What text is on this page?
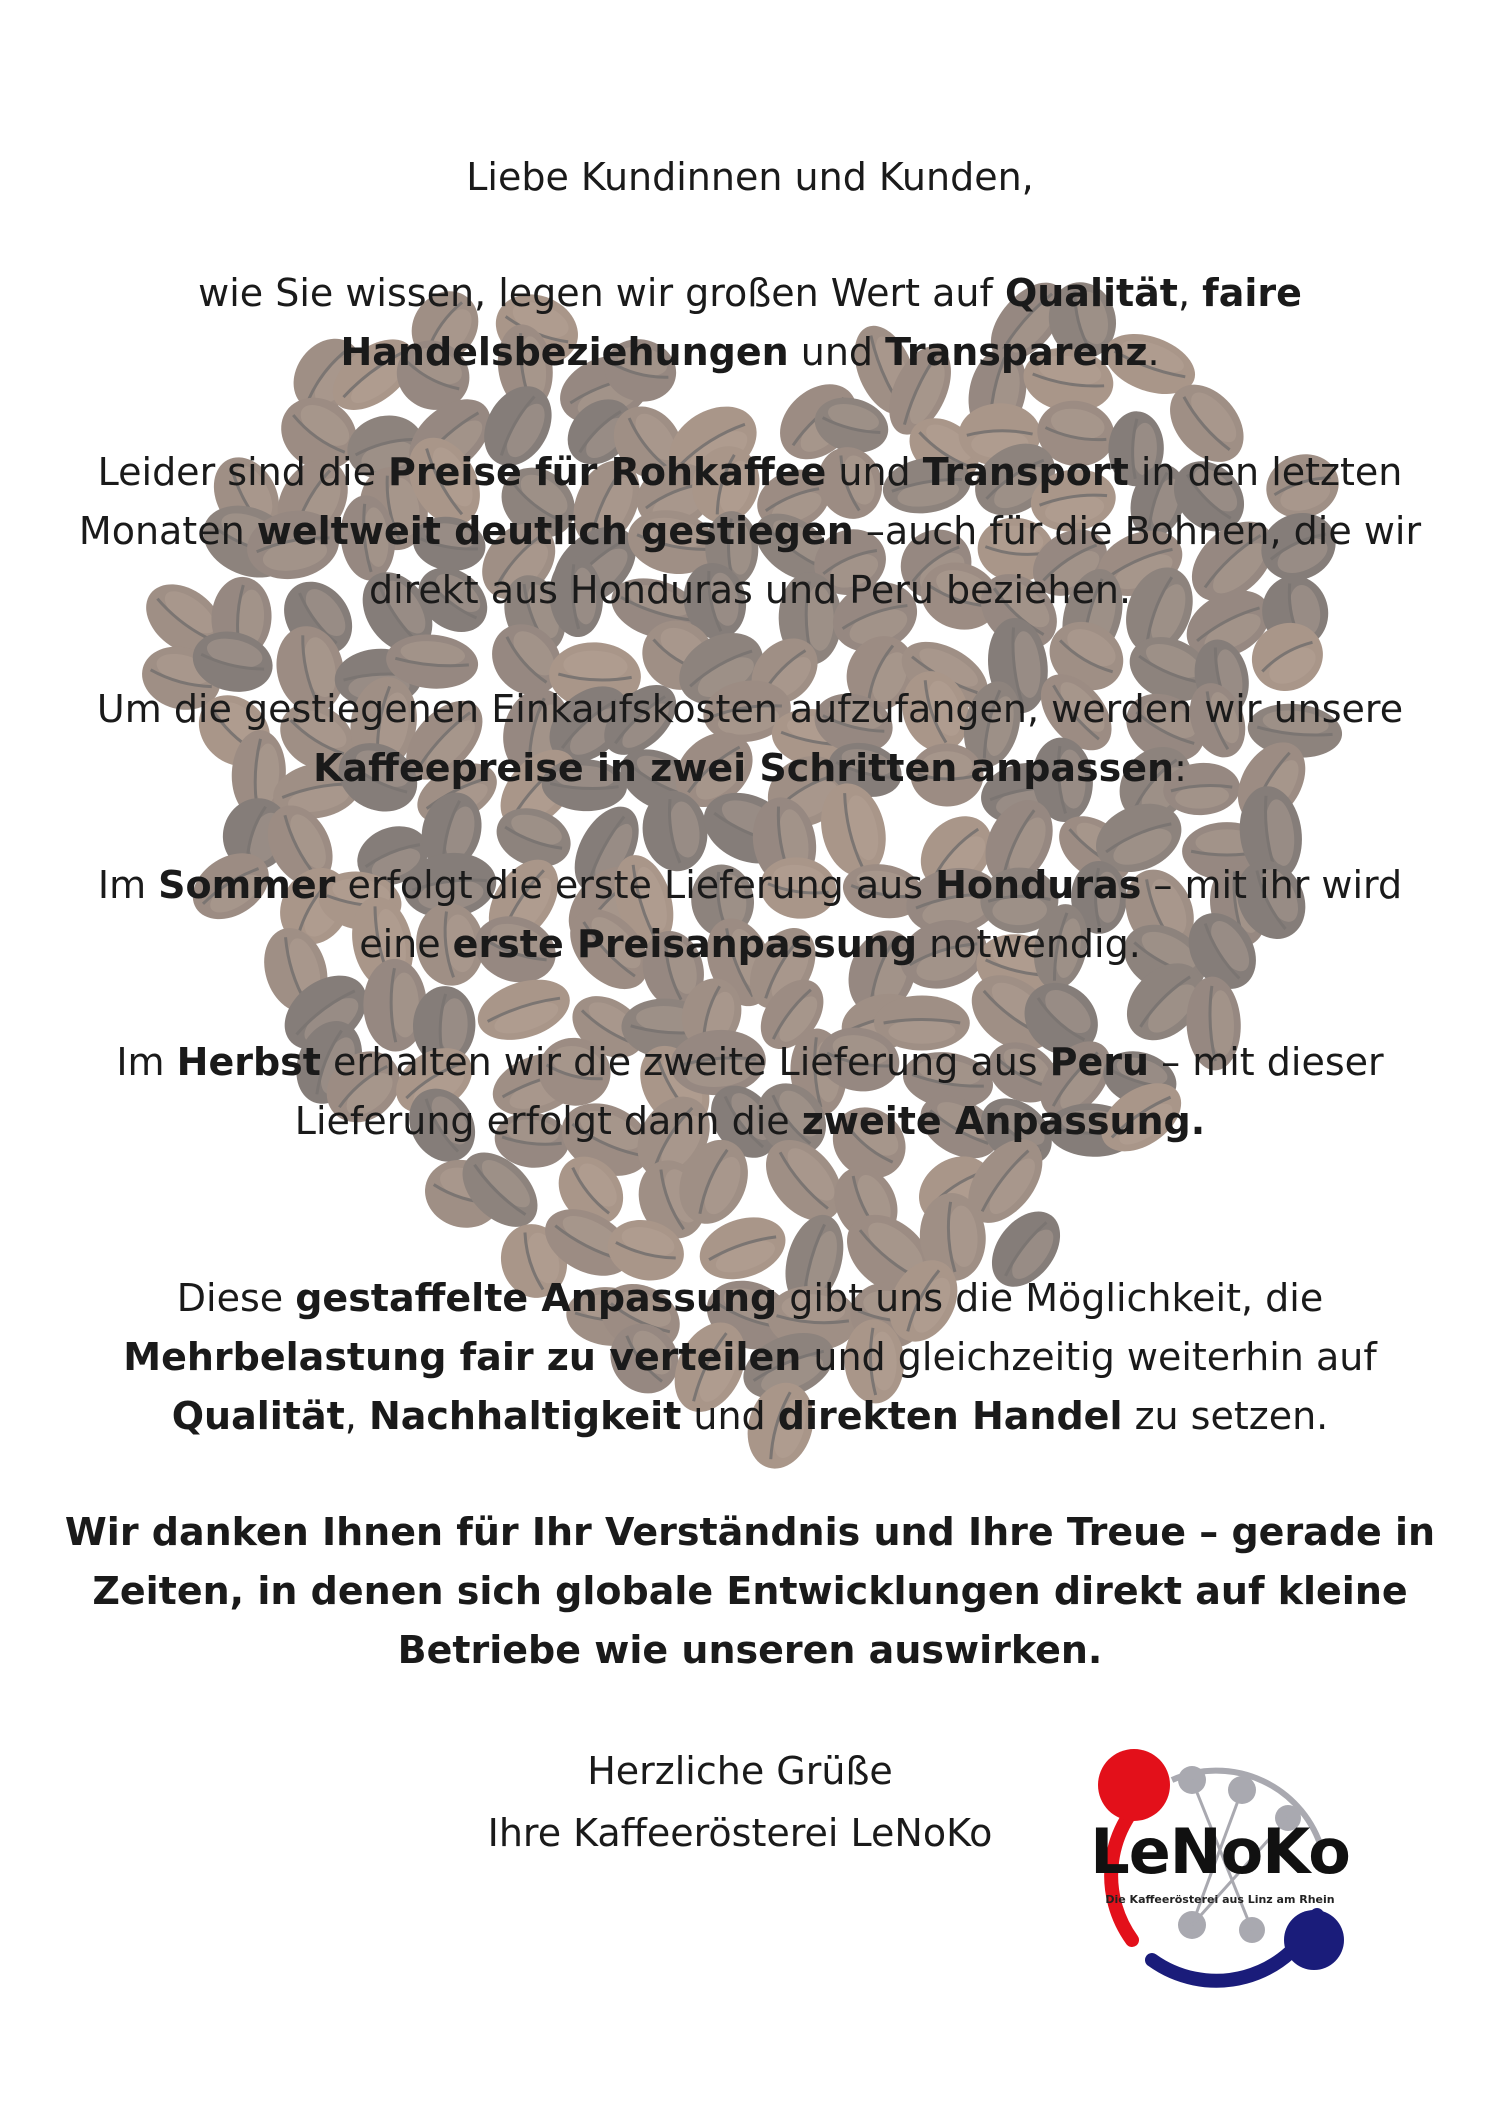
Liebe Kundinnen und Kunden,

wie Sie wissen, legen wir großen Wert auf Qualität, faire
Handelsbeziehungen und Transparenz.

Leider sind die Preise für Rohkaffee und Transport in den letzten
Monaten weltweit deutlich gestiegen –auch für die Bohnen, die wir
direkt aus Honduras und Peru beziehen.

Um die gestiegenen Einkaufskosten aufzufangen, werden wir unsere
Kaffeepreise in zwei Schritten anpassen:

Im Sommer erfolgt die erste Lieferung aus Honduras – mit ihr wird
eine erste Preisanpassung notwendig.

Im Herbst erhalten wir die zweite Lieferung aus Peru – mit dieser
Lieferung erfolgt dann die zweite Anpassung.

Diese gestaffelte Anpassung gibt uns die Möglichkeit, die
Mehrbelastung fair zu verteilen und gleichzeitig weiterhin auf
Qualität, Nachhaltigkeit und direkten Handel zu setzen.

Wir danken Ihnen für Ihr Verständnis und Ihre Treue – gerade in
Zeiten, in denen sich globale Entwicklungen direkt auf kleine
Betriebe wie unseren auswirken.

Herzliche Grüße
Ihre Kaffeerösterei LeNoKo	LeNoKo
Die Kaffeerösterei aus Linz am Rhein
